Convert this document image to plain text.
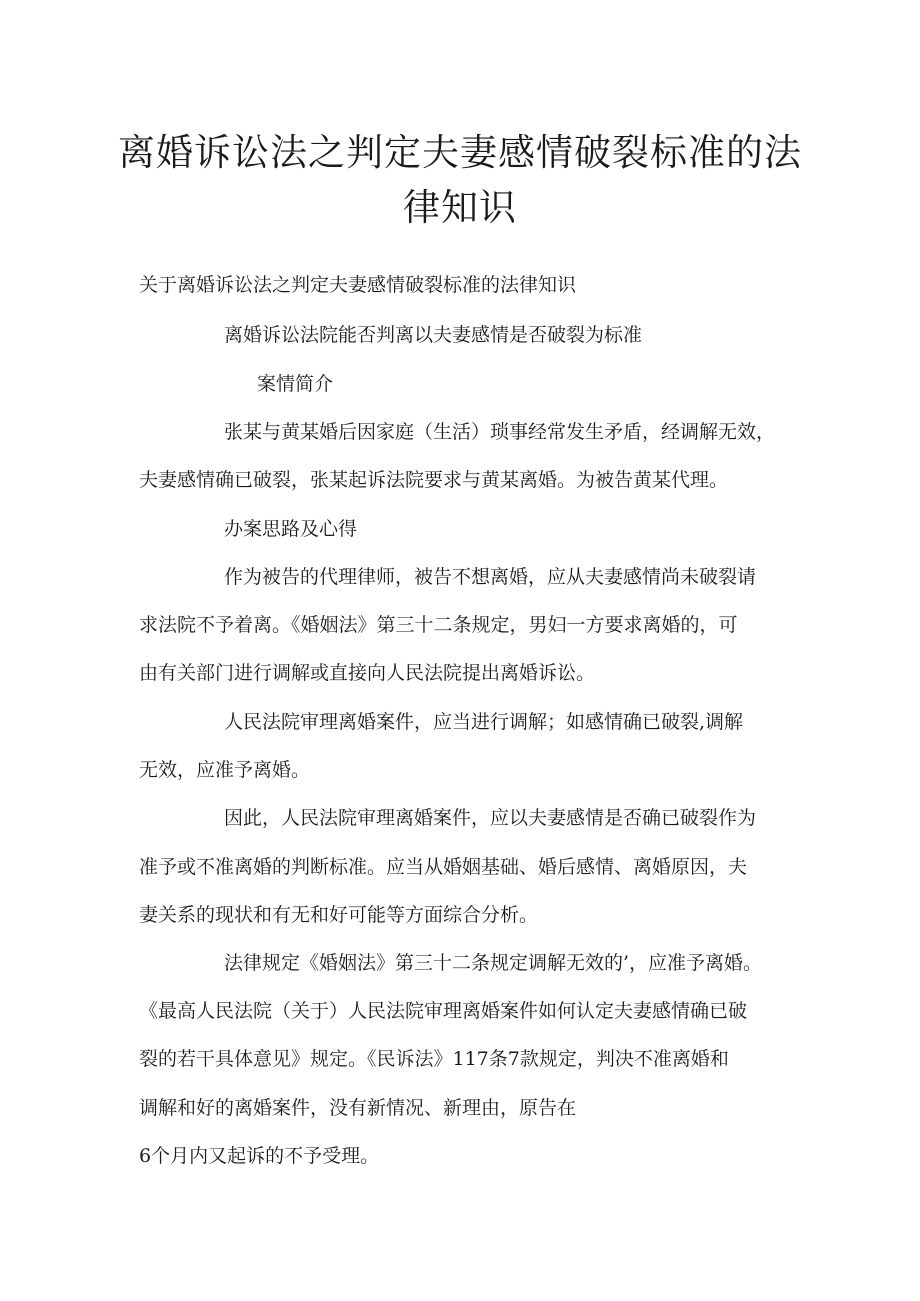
离婚诉讼法之判定夫妻感情破裂标准的法
律知识
关于离婚诉讼法之判定夫妻感情破裂标准的法律知识
离婚诉讼法院能否判离以夫妻感情是否破裂为标准
案情简介
张某与黄某婚后因家庭（生活）琐事经常发生矛盾，经调解无效，
夫妻感情确已破裂，张某起诉法院要求与黄某离婚。为被告黄某代理。
办案思路及心得
作为被告的代理律师，被告不想离婚，应从夫妻感情尚未破裂请
求法院不予着离。《婚姻法》第三十二条规定，男妇一方要求离婚的，可
由有关部门进行调解或直接向人民法院提出离婚诉讼。
人民法院审理离婚案件，应当进行调解；如感情确已破裂,调解
无效，应准予离婚。
因此，人民法院审理离婚案件，应以夫妻感情是否确已破裂作为
准予或不准离婚的判断标准。应当从婚姻基础、婚后感情、离婚原因，夫
妻关系的现状和有无和好可能等方面综合分析。
法律规定《婚姻法》第三十二条规定调解无效的’，应准予离婚。
《最高人民法院（关于）人民法院审理离婚案件如何认定夫妻感情确已破
裂的若干具体意见》规定。《民诉法》117条7款规定，判决不准离婚和
调解和好的离婚案件，没有新情况、新理由，原告在
6个月内又起诉的不予受理。
